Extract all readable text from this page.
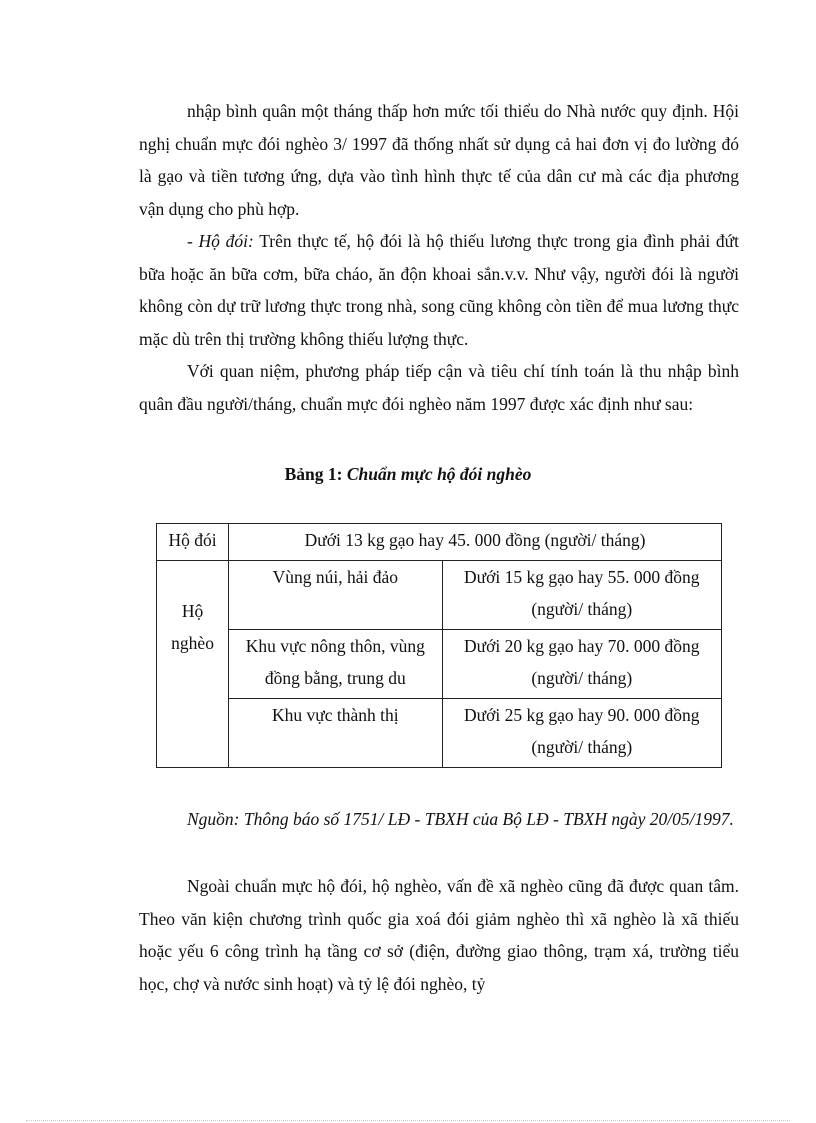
nhập bình quân một tháng thấp hơn mức tối thiểu do Nhà nước quy định. Hội nghị chuẩn mực đói nghèo 3/ 1997 đã thống nhất sử dụng cả hai đơn vị đo lường đó là gạo và tiền tương ứng, dựa vào tình hình thực tế của dân cư mà các địa phương vận dụng cho phù hợp.

- Hộ đói: Trên thực tế, hộ đói là hộ thiếu lương thực trong gia đình phải đứt bữa hoặc ăn bữa cơm, bữa cháo, ăn độn khoai sắn.v.v. Như vậy, người đói là người không còn dự trữ lương thực trong nhà, song cũng không còn tiền để mua lương thực mặc dù trên thị trường không thiếu lượng thực.

Với quan niệm, phương pháp tiếp cận và tiêu chí tính toán là thu nhập bình quân đầu người/tháng, chuẩn mực đói nghèo năm 1997 được xác định như sau:

Bảng 1: Chuẩn mực hộ đói nghèo
Hộ đói	Dưới 13 kg gạo hay 45. 000 đồng (người/ tháng)	
Hộ nghèo	Vùng núi, hải đảo	Dưới 15 kg gạo hay 55. 000 đồng (người/ tháng)
	Khu vực nông thôn, vùng đồng bằng, trung du	Dưới 20 kg gạo hay 70. 000 đồng (người/ tháng)
	Khu vực thành thị	Dưới 25 kg gạo hay 90. 000 đồng (người/ tháng)

Nguồn: Thông báo số 1751/ LĐ - TBXH của Bộ LĐ - TBXH ngày 20/05/1997.

Ngoài chuẩn mực hộ đói, hộ nghèo, vấn đề xã nghèo cũng đã được quan tâm. Theo văn kiện chương trình quốc gia xoá đói giảm nghèo thì xã nghèo là xã thiếu hoặc yếu 6 công trình hạ tầng cơ sở (điện, đường giao thông, trạm xá, trường tiểu học, chợ và nước sinh hoạt) và tỷ lệ đói nghèo, tỷ
